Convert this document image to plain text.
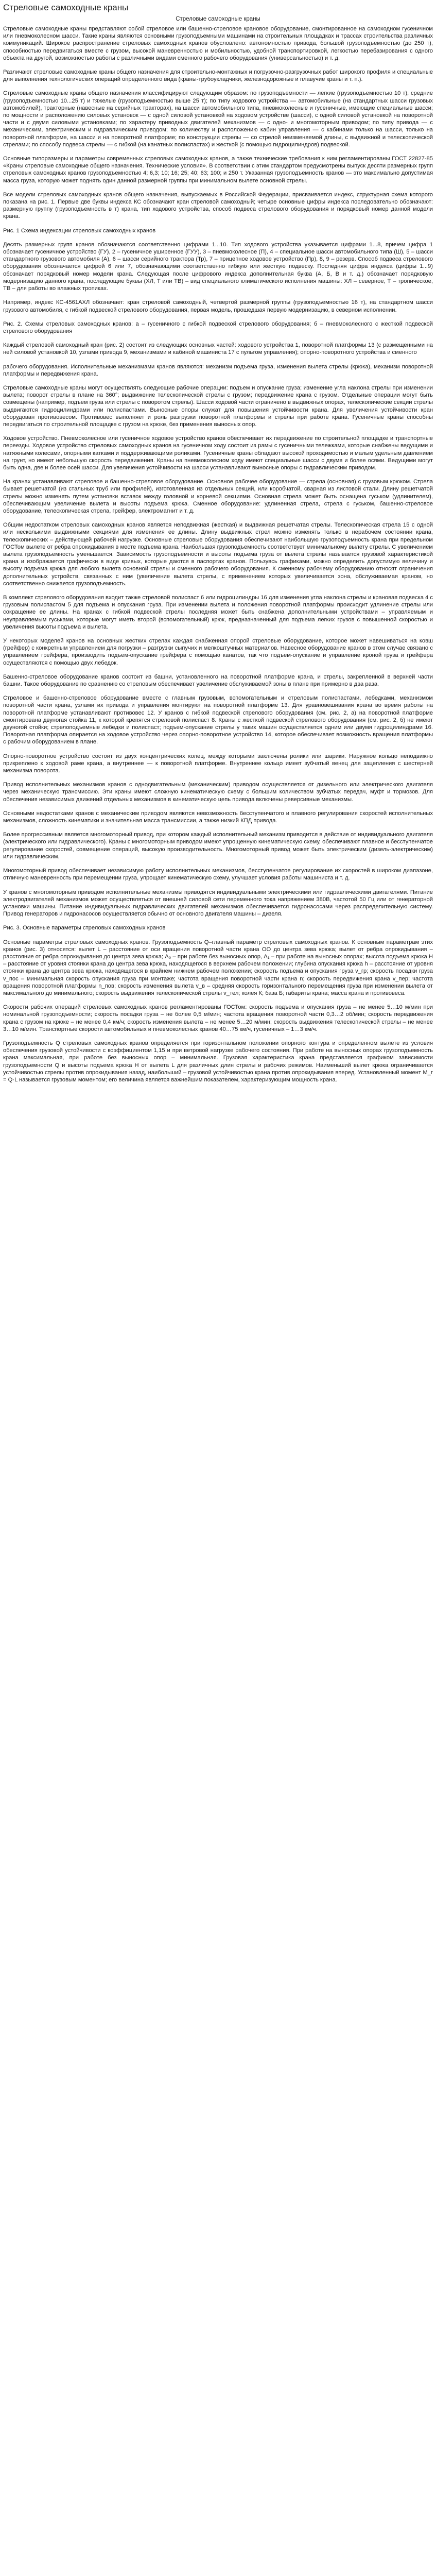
Стреловые самоходные краны
Стреловые самоходные краны

Стреловые самоходные краны представляют собой стреловое или башенно-стреловое крановое оборудование, смонтированное на самоходном гусеничном или пневмоколесном шасси. Такие краны являются основными грузоподъемными машинами на строительных площадках и трассах строительства различных коммуникаций. Широкое распространение стреловых самоходных кранов обусловлено: автономностью привода, большой грузоподъемностью (до 250 т), способностью передвигаться вместе с грузом, высокой маневренностью и мобильностью, удобной транспортировкой, легкостью перебазирования с одного объекта на другой, возможностью работы с различными видами сменного рабочего оборудования (универсальностью) и т. д.

Различают стреловые самоходные краны общего назначения для строительно-монтажных и погрузочно-разгрузочных работ широкого профиля и специальные для выполнения технологических операций определенного вида (краны-трубоукладчики, железнодорожные и плавучие краны и т. п.).

Стреловые самоходные краны общего назначения классифицируют следующим образом: по грузоподъемности — легкие (грузоподъемностью 10 т), средние (грузоподъемностью 10...25 т) и тяжелые (грузоподъемностью выше 25 т); по типу ходового устройства — автомобильные (на стандартных шасси грузовых автомобилей), тракторные (навесные на серийных тракторах), на шасси автомобильного типа, пневмоколесные и гусеничные, имеющие специальные шасси; по мощности и расположению силовых установок — с одной силовой установкой на ходовом устройстве (шасси), с одной силовой установкой на поворотной части и с двумя силовыми установками; по характеру приводных двигателей механизмов — с одно- и многомоторным приводом; по типу привода — с механическим, электрическим и гидравлическим приводом; по количеству и расположению кабин управления — с кабинами только на шасси, только на поворотной платформе, на шасси и на поворотной платформе; по конструкции стрелы — со стрелой неизменяемой длины, с выдвижной и телескопической стрелами; по способу подвеса стрелы — с гибкой (на канатных полиспастах) и жесткой (с помощью гидроцилиндров) подвеской.

Основные типоразмеры и параметры современных стреловых самоходных кранов, а также технические требования к ним регламентированы ГОСТ 22827-85 «Краны стреловые самоходные общего назначения. Технические условия». В соответствии с этим стандартом предусмотрены выпуск десяти размерных групп стреловых самоходных кранов грузоподъемностью 4; 6,3; 10; 16; 25; 40; 63; 100; и 250 т. Указанная грузоподъемность кранов — это максимально допустимая масса груза, которую может поднять один данной размерной группы при минимальном вылете основной стрелы.

Все модели стреловых самоходных кранов общего назначения, выпускаемых в Российской Федерации, присваивается индекс, структурная схема которого показана на рис. 1. Первые две буквы индекса КС обозначают кран стреловой самоходный; четыре основные цифры индекса последовательно обозначают: размерную группу (грузоподъемность в т) крана, тип ходового устройства, способ подвеса стрелового оборудования и порядковый номер данной модели крана.

Рис. 1 Схема индексации стреловых самоходных кранов

Десять размерных групп кранов обозначаются соответственно цифрами 1...10. Тип ходового устройства указывается цифрами 1...8, причем цифра 1 обозначает гусеничное устройство (ГУ), 2 – гусеничное уширенное (ГУУ), 3 – пневмоколесное (П), 4 – специальное шасси автомобильного типа (Ш), 5 – шасси стандартного грузового автомобиля (А), 6 – шасси серийного трактора (Тр), 7 – прицепное ходовое устройство (Пр), 8, 9 – резерв. Способ подвеса стрелового оборудования обозначается цифрой 6 или 7, обозначающими соответственно гибкую или жесткую подвеску. Последняя цифра индекса (цифры 1...9) обозначает порядковый номер модели крана. Следующая после цифрового индекса дополнительная буква (А, Б, В и т. д.) обозначает порядковую модернизацию данного крана, последующие буквы (ХЛ, Т или ТВ) – вид специального климатического исполнения машины: ХЛ – северное, Т – тропическое, ТВ – для работы во влажных тропиках.

Например, индекс КС-4561АХЛ обозначает: кран стреловой самоходный, четвертой размерной группы (грузоподъемностью 16 т), на стандартном шасси грузового автомобиля, с гибкой подвеской стрелового оборудования, первая модель, прошедшая первую модернизацию, в северном исполнении.

Рис. 2. Схемы стреловых самоходных кранов: а – гусеничного с гибкой подвеской стрелового оборудования; б – пневмоколесного с жесткой подвеской стрелового оборудования

Каждый стреловой самоходный кран (рис. 2) состоит из следующих основных частей: ходового устройства 1, поворотной платформы 13 (с размещенными на ней силовой установкой 10, узлами привода 9, механизмами и кабиной машиниста 17 с пультом управления); опорно-поворотного устройства и сменного

рабочего оборудования. Исполнительные механизмами кранов являются: механизм подъема груза, изменения вылета стрелы (крюка), механизм поворотной платформы и передвижения крана.

Стреловые самоходные краны могут осуществлять следующие рабочие операции: подъем и опускание груза; изменение угла наклона стрелы при изменении вылета; поворот стрелы в плане на 360°; выдвижение телескопической стрелы с грузом; передвижение крана с грузом. Отдельные операции могут быть совмещены (например, подъем груза или стрелы с поворотом стрелы). Шасси ходовой части ограничено в выдвижных опорах, телескопические секции стрелы выдвигаются гидроцилиндрами или полиспастами. Выносные опоры служат для повышения устойчивости крана. Для увеличения устойчивости кран оборудован противовесом. Противовес выполняет и роль разгрузки поворотной платформы и стрелы при работе крана. Гусеничные краны способны передвигаться по строительной площадке с грузом на крюке, без применения выносных опор.

Ходовое устройство. Пневмоколесное или гусеничное ходовое устройство кранов обеспечивает их передвижение по строительной площадке и транспортные переезды. Ходовое устройство стреловых самоходных кранов на гусеничном ходу состоит из рамы с гусеничными тележками, которые снабжены ведущими и натяжными колесами, опорными катками и поддерживающими роликами. Гусеничные краны обладают высокой проходимостью и малым удельным давлением на грунт, но имеют небольшую скорость передвижения. Краны на пневмоколесном ходу имеют специальные шасси с двумя и более осями. Ведущими могут быть одна, две и более осей шасси. Для увеличения устойчивости на шасси устанавливают выносные опоры с гидравлическим приводом.

На кранах устанавливают стреловое и башенно-стреловое оборудование. Основное рабочее оборудование — стрела (основная) с грузовым крюком. Стрела бывает решетчатой (из стальных труб или профилей), изготовленная из отдельных секций, или коробчатой, сварная из листовой стали. Длину решетчатой стрелы можно изменять путем установки вставок между головной и корневой секциями. Основная стрела может быть оснащена гуськом (удлинителем), обеспечивающим увеличение вылета и высоты подъема крюка. Сменное оборудование: удлиненная стрела, стрела с гуськом, башенно-стреловое оборудование, телескопическая стрела, грейфер, электромагнит и т. д.

Общим недостатком стреловых самоходных кранов является неподвижная (жесткая) и выдвижная решетчатая стрелы. Телескопическая стрела 15 с одной или несколькими выдвижными секциями для изменения ее длины. Длину выдвижных стрел можно изменять только в нерабочем состоянии крана, телескопических – действующей рабочей нагрузке. Основные стреловые оборудования обеспечивают наибольшую грузоподъемность крана при предельном ГОСТом вылете от ребра опрокидывания в месте подъема крана. Наибольшая грузоподъемность соответствует минимальному вылету стрелы. С увеличением вылета грузоподъемность уменьшается. Зависимость грузоподъемности и высоты подъема груза от вылета стрелы называется грузовой характеристикой крана и изображается графически в виде кривых, которые даются в паспортах кранов. Пользуясь графиками, можно определить допустимую величину и высоту подъема крюка для любого вылета основной стрелы и сменного рабочего оборудования. К сменному рабочему оборудованию относят ограничения дополнительных устройств, связанных с ним (увеличение вылета стрелы, с применением которых увеличивается зона, обслуживаемая краном, но соответственно снижается грузоподъемность.

В комплект стрелового оборудования входит также стреловой полиспаст 6 или гидроцилиндры 16 для изменения угла наклона стрелы и крановая подвеска 4 с грузовым полиспастом 5 для подъема и опускания груза. При изменении вылета и положения поворотной платформы происходит удлинение стрелы или сокращение ее длины. На кранах с гибкой подвеской стрелы последняя может быть снабжена дополнительными устройствами – управляемым и неуправляемым гуськами, которые могут иметь второй (вспомогательный) крюк, предназначенный для подъема легких грузов с повышенной скоростью и увеличения высоты подъема и вылета.

У некоторых моделей кранов на основных жестких стрелах каждая снабженная опорой стреловые оборудование, которое может навешиваться на ковш (грейфер) с конкретным управлением для погрузки – разгрузки сыпучих и мелкоштучных материалов. Навесное оборудование кранов в этом случае связано с управлением грейфера, производить подъем-опускание грейфера с помощью канатов, так что подъем-опускание и управление кроной груза и грейфера осуществляются с помощью двух лебедок.

Башенно-стреловое оборудование кранов состоит из башни, установленного на поворотной платформе крана, и стрелы, закрепленной в верхней части башни. Такое оборудование по сравнению со стреловым обеспечивает увеличение обслуживаемой зоны в плане при примерно в два раза.

Стреловое и башенно-стреловое оборудование вместе с главным грузовым, вспомогательным и стреловым полиспастами, лебедками, механизмом поворотной части крана, узлами их привода и управления монтируют на поворотной платформе 13. Для уравновешивания крана во время работы на поворотной платформе устанавливают противовес 12. У кранов с гибкой подвеской стрелового оборудования (см. рис. 2, а) на поворотной платформе смонтирована двуногая стойка 11, к которой крепятся стреловой полиспаст 8. Краны с жесткой подвеской стрелового оборудования (см. рис. 2, б) не имеют двуногой стойки; стрелоподъемные лебедки и полиспаст; подъем-опускание стрелы у таких машин осуществляется одним или двумя гидроцилиндрами 16. Поворотная платформа опирается на ходовое устройство через опорно-поворотное устройство 14, которое обеспечивает возможность вращения платформы с рабочим оборудованием в плане.

Опорно-поворотное устройство состоит из двух концентрических колец, между которыми заключены ролики или шарики. Наружное кольцо неподвижно прикреплено к ходовой раме крана, а внутреннее — к поворотной платформе. Внутреннее кольцо имеет зубчатый венец для зацепления с шестерней механизма поворота.

Привод исполнительных механизмов кранов с однодвигательным (механическим) приводом осуществляется от дизельного или электрического двигателя через механическую трансмиссию. Эти краны имеют сложную кинематическую схему с большим количеством зубчатых передач, муфт и тормозов. Для обеспечения независимых движений отдельных механизмов в кинематическую цепь привода включены реверсивные механизмы.

Основными недостатками кранов с механическим приводом являются невозможность бесступенчатого и плавного регулирования скоростей исполнительных механизмов, сложность кинематики и значительная масса трансмиссии, а также низкий КПД привода.

Более прогрессивным является многомоторный привод, при котором каждый исполнительный механизм приводится в действие от индивидуального двигателя (электрического или гидравлического). Краны с многомоторным приводом имеют упрощенную кинематическую схему, обеспечивают плавное и бесступенчатое регулирование скоростей, совмещение операций, высокую производительность. Многомоторный привод может быть электрическим (дизель-электрическим) или гидравлическим.

Многомоторный привод обеспечивает независимую работу исполнительных механизмов, бесступенчатое регулирование их скоростей в широком диапазоне, отличную маневренность при перемещении груза, упрощает кинематическую схему, улучшает условия работы машиниста и т. д.

У кранов с многомоторным приводом исполнительные механизмы приводятся индивидуальными электрическими или гидравлическими двигателями. Питание электродвигателей механизмов может осуществляться от внешней силовой сети переменного тока напряжением 380В, частотой 50 Гц или от генераторной установки машины. Питание индивидуальных гидравлических двигателей механизмов обеспечивается гидронасосами через распределительную систему. Привод генераторов и гидронасосов осуществляется обычно от основного двигателя машины – дизеля.

Рис. 3. Основные параметры стреловых самоходных кранов

Основные параметры стреловых самоходных кранов. Грузоподъемность Q–главный параметр стреловых самоходных кранов. К основным параметрам этих кранов (рис. 3) относятся: вылет L – расстояние от оси вращения поворотной части крана ОО до центра зева крюка; вылет от ребра опрокидывания – расстояние от ребра опрокидывания до центра зева крюка; А₀ – при работе без выносных опор, А₁ – при работе на выносных опорах; высота подъема крюка H – расстояние от уровня стоянки крана до центра зева крюка, находящегося в верхнем рабочем положении; глубина опускания крюка h – расстояние от уровня стоянки крана до центра зева крюка, находящегося в крайнем нижнем рабочем положении; скорость подъема и опускания груза v_гр; скорость посадки груза v_пос – минимальная скорость опускания груза при монтаже; частота вращения поворотной части крана n; скорость передвижения крана v_пер; частота вращения поворотной платформы n_пов; скорость изменения вылета v_в – средняя скорость горизонтального перемещения груза при изменении вылета от максимального до минимального; скорость выдвижения телескопической стрелы v_тел; колея К; база Б; габариты крана; масса крана и противовеса.

Скорости рабочих операций стреловых самоходных кранов регламентированы ГОСТом: скорость подъема и опускания груза – не менее 5…10 м/мин при номинальной грузоподъемности; скорость посадки груза – не более 0,5 м/мин; частота вращения поворотной части 0,3…2 об/мин; скорость передвижения крана с грузом на крюке – не менее 0,4 км/ч; скорость изменения вылета – не менее 5…20 м/мин; скорость выдвижения телескопической стрелы – не менее 3…10 м/мин. Транспортные скорости автомобильных и пневмоколесных кранов 40…75 км/ч, гусеничных – 1…3 км/ч.

Грузоподъемность Q стреловых самоходных кранов определяется при горизонтальном положении опорного контура и определенном вылете из условия обеспечения грузовой устойчивости с коэффициентом 1,15 и при ветровой нагрузке рабочего состояния. При работе на выносных опорах грузоподъемность крана максимальная, при работе без выносных опор – минимальная. Грузовая характеристика крана представляется графиком зависимости грузоподъемности Q и высоты подъема крюка H от вылета L для различных длин стрелы и рабочих режимов. Наименьший вылет крюка ограничивается устойчивостью стрелы против опрокидывания назад, наибольший – грузовой устойчивостью крана против опрокидывания вперед. Установленный момент M_г = Q·L называется грузовым моментом; его величина является важнейшим показателем, характеризующим мощность крана.
